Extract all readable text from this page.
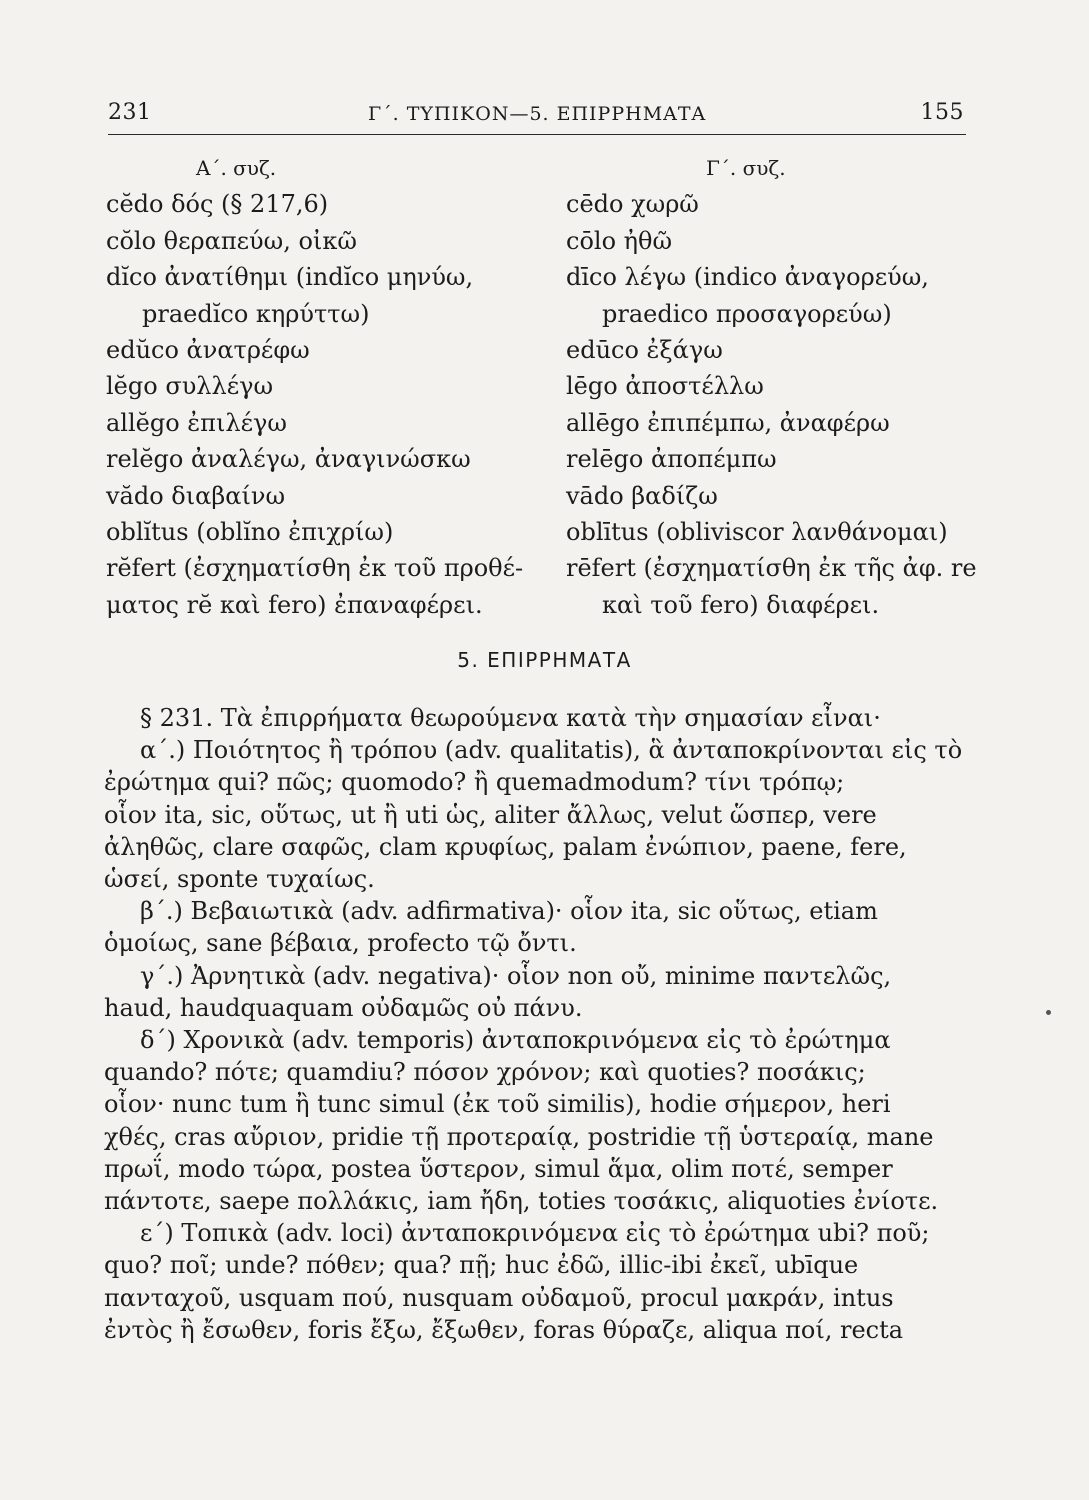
231	Γ΄. ΤΥΠΙΚΟΝ—5. ΕΠΙΡΡΗΜΑΤΑ	155
Α΄. συζ.
cĕdo δός (§ 217,6)
cŏlo θεραπεύω, οἰκῶ
dĭco ἀνατίθημι (indĭco μηνύω,
praedĭco κηρύττω)
edŭco ἀνατρέφω
lĕgo συλλέγω
allĕgo ἐπιλέγω
relĕgo ἀναλέγω, ἀναγινώσκω
vădo διαβαίνω
oblĭtus (oblĭno ἐπιχρίω)
rĕfert (ἐσχηματίσθη ἐκ τοῦ προθέ-
ματος rĕ καὶ fero) ἐπαναφέρει.
Γ΄. συζ.
cēdo χωρῶ
cōlo ἠθῶ
dīco λέγω (indico ἀναγορεύω,
praedico προσαγορεύω)
edūco ἐξάγω
lēgo ἀποστέλλω
allēgo ἐπιπέμπω, ἀναφέρω
relēgo ἀποπέμπω
vādo βαδίζω
oblītus (obliviscor λανθάνομαι)
rēfert (ἐσχηματίσθη ἐκ τῆς ἀφ. re
καὶ τοῦ fero) διαφέρει.
5. ΕΠΙΡΡΗΜΑΤΑ
§ 231. Τὰ ἐπιρρήματα θεωρούμενα κατὰ τὴν σημασίαν εἶναι·
α΄.) Ποιότητος ἢ τρόπου (adv. qualitatis), ἃ ἀνταποκρίνονται εἰς τὸ
ἐρώτημα qui? πῶς; quomodo? ἢ quemadmodum? τίνι τρόπῳ;
οἷον ita, sic, οὕτως, ut ἢ uti ὡς, aliter ἄλλως, velut ὥσπερ, vere
ἀληθῶς, clare σαφῶς, clam κρυφίως, palam ἐνώπιον, paene, fere,
ὡσεί, sponte τυχαίως.
β΄.) Βεβαιωτικὰ (adv. adfirmativa)· οἷον ita, sic οὕτως, etiam
ὁμοίως, sane βέβαια, profecto τῷ ὄντι.
γ΄.) Ἀρνητικὰ (adv. negativa)· οἷον non οὔ, minime παντελῶς,
haud, haudquaquam οὐδαμῶς οὐ πάνυ.
δ΄) Χρονικὰ (adv. temporis) ἀνταποκρινόμενα εἰς τὸ ἐρώτημα
quando? πότε; quamdiu? πόσον χρόνον; καὶ quoties? ποσάκις;
οἷον· nunc tum ἢ tunc simul (ἐκ τοῦ similis), hodie σήμερον, heri
χθές, cras αὔριον, pridie τῇ προτεραίᾳ, postridie τῇ ὑστεραίᾳ, mane
πρωΐ, modo τώρα, postea ὕστερον, simul ἅμα, olim ποτέ, semper
πάντοτε, saepe πολλάκις, iam ἤδη, toties τοσάκις, aliquoties ἐνίοτε.
ε΄) Τοπικὰ (adv. loci) ἀνταποκρινόμενα εἰς τὸ ἐρώτημα ubi? ποῦ;
quo? ποῖ; unde? πόθεν; qua? πῇ; huc ἐδῶ, illic-ibi ἐκεῖ, ubīque
πανταχοῦ, usquam πού, nusquam οὐδαμοῦ, procul μακράν, intus
ἐντὸς ἢ ἔσωθεν, foris ἔξω, ἔξωθεν, foras θύραζε, aliqua ποί, recta
